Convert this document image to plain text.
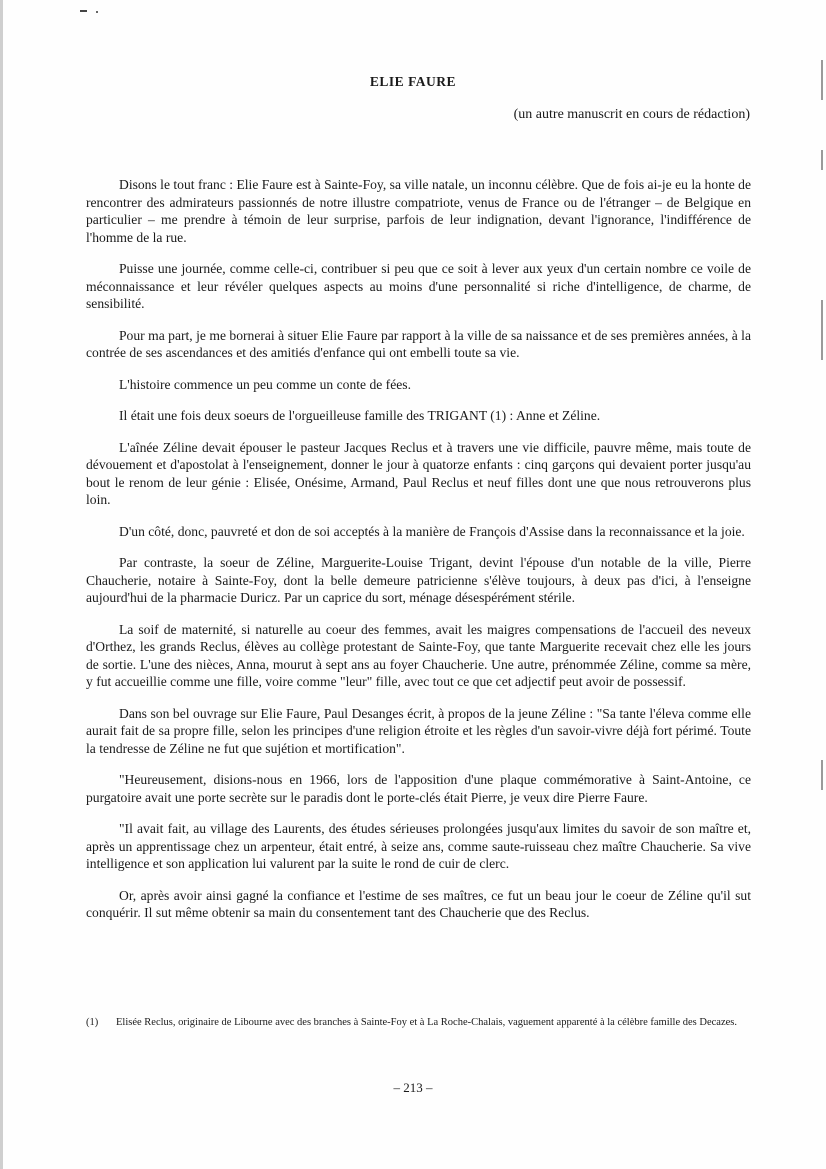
ELIE FAURE

(un autre manuscrit en cours de rédaction)

Disons le tout franc : Elie Faure est à Sainte-Foy, sa ville natale, un inconnu célèbre. Que de fois ai-je eu la honte de rencontrer des admirateurs passionnés de notre illustre compatriote, venus de France ou de l'étranger – de Belgique en particulier – me prendre à témoin de leur surprise, parfois de leur indignation, devant l'ignorance, l'indifférence de l'homme de la rue.

Puisse une journée, comme celle-ci, contribuer si peu que ce soit à lever aux yeux d'un certain nombre ce voile de méconnaissance et leur révéler quelques aspects au moins d'une personnalité si riche d'intelligence, de charme, de sensibilité.

Pour ma part, je me bornerai à situer Elie Faure par rapport à la ville de sa naissance et de ses premières années, à la contrée de ses ascendances et des amitiés d'enfance qui ont embelli toute sa vie.

L'histoire commence un peu comme un conte de fées.

Il était une fois deux soeurs de l'orgueilleuse famille des TRIGANT (1) : Anne et Zéline.

L'aînée Zéline devait épouser le pasteur Jacques Reclus et à travers une vie difficile, pauvre même, mais toute de dévouement et d'apostolat à l'enseignement, donner le jour à quatorze enfants : cinq garçons qui devaient porter jusqu'au bout le renom de leur génie : Elisée, Onésime, Armand, Paul Reclus et neuf filles dont une que nous retrouverons plus loin.

D'un côté, donc, pauvreté et don de soi acceptés à la manière de François d'Assise dans la reconnaissance et la joie.

Par contraste, la soeur de Zéline, Marguerite-Louise Trigant, devint l'épouse d'un notable de la ville, Pierre Chaucherie, notaire à Sainte-Foy, dont la belle demeure patricienne s'élève toujours, à deux pas d'ici, à l'enseigne aujourd'hui de la pharmacie Duricz. Par un caprice du sort, ménage désespérément stérile.

La soif de maternité, si naturelle au coeur des femmes, avait les maigres compensations de l'accueil des neveux d'Orthez, les grands Reclus, élèves au collège protestant de Sainte-Foy, que tante Marguerite recevait chez elle les jours de sortie. L'une des nièces, Anna, mourut à sept ans au foyer Chaucherie. Une autre, prénommée Zéline, comme sa mère, y fut accueillie comme une fille, voire comme "leur" fille, avec tout ce que cet adjectif peut avoir de possessif.

Dans son bel ouvrage sur Elie Faure, Paul Desanges écrit, à propos de la jeune Zéline : "Sa tante l'éleva comme elle aurait fait de sa propre fille, selon les principes d'une religion étroite et les règles d'un savoir-vivre déjà fort périmé. Toute la tendresse de Zéline ne fut que sujétion et mortification".

"Heureusement, disions-nous en 1966, lors de l'apposition d'une plaque commémorative à Saint-Antoine, ce purgatoire avait une porte secrète sur le paradis dont le porte-clés était Pierre, je veux dire Pierre Faure.

"Il avait fait, au village des Laurents, des études sérieuses prolongées jusqu'aux limites du savoir de son maître et, après un apprentissage chez un arpenteur, était entré, à seize ans, comme saute-ruisseau chez maître Chaucherie. Sa vive intelligence et son application lui valurent par la suite le rond de cuir de clerc.

Or, après avoir ainsi gagné la confiance et l'estime de ses maîtres, ce fut un beau jour le coeur de Zéline qu'il sut conquérir. Il sut même obtenir sa main du consentement tant des Chaucherie que des Reclus.

(1)	Elisée Reclus, originaire de Libourne avec des branches à Sainte-Foy et à La Roche-Chalais, vaguement apparenté à la célèbre famille des Decazes.
– 213 –
